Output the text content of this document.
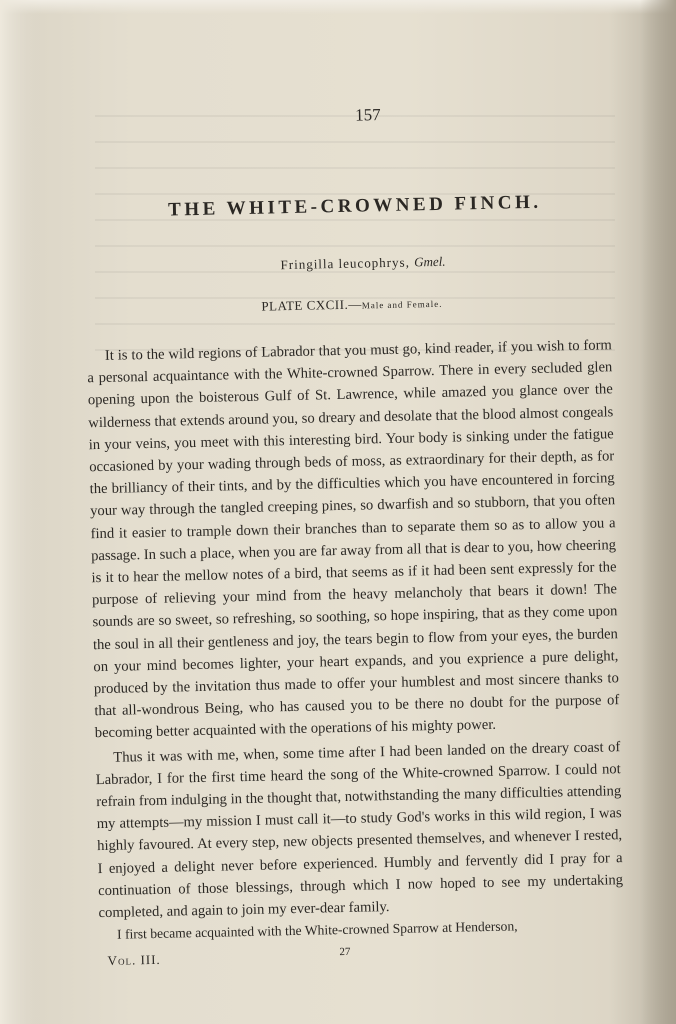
157
THE WHITE-CROWNED FINCH.
Fringilla leucophrys, Gmel.
PLATE CXCII.—Male and Female.

It is to the wild regions of Labrador that you must go, kind reader, if you wish to form a personal acquaintance with the White-crowned Sparrow. There in every secluded glen opening upon the boisterous Gulf of St. Lawrence, while amazed you glance over the wilderness that extends around you, so dreary and desolate that the blood almost congeals in your veins, you meet with this interesting bird. Your body is sinking under the fatigue occasioned by your wading through beds of moss, as extraordinary for their depth, as for the brilliancy of their tints, and by the difficulties which you have encountered in forcing your way through the tangled creeping pines, so dwarfish and so stubborn, that you often find it easier to trample down their branches than to separate them so as to allow you a passage. In such a place, when you are far away from all that is dear to you, how cheering is it to hear the mellow notes of a bird, that seems as if it had been sent expressly for the purpose of relieving your mind from the heavy melancholy that bears it down! The sounds are so sweet, so refreshing, so soothing, so hope inspiring, that as they come upon the soul in all their gentleness and joy, the tears begin to flow from your eyes, the burden on your mind becomes lighter, your heart expands, and you exprience a pure delight, produced by the invitation thus made to offer your humblest and most sincere thanks to that all-wondrous Being, who has caused you to be there no doubt for the purpose of becoming better acquainted with the operations of his mighty power.

Thus it was with me, when, some time after I had been landed on the dreary coast of Labrador, I for the first time heard the song of the White-crowned Sparrow. I could not refrain from indulging in the thought that, notwithstanding the many difficulties attending my attempts—my mission I must call it—to study God's works in this wild region, I was highly favoured. At every step, new objects presented themselves, and whenever I rested, I enjoyed a delight never before experienced. Humbly and fervently did I pray for a continuation of those blessings, through which I now hoped to see my undertaking completed, and again to join my ever-dear family.

I first became acquainted with the White-crowned Sparrow at Henderson,

Vol. III.	27
